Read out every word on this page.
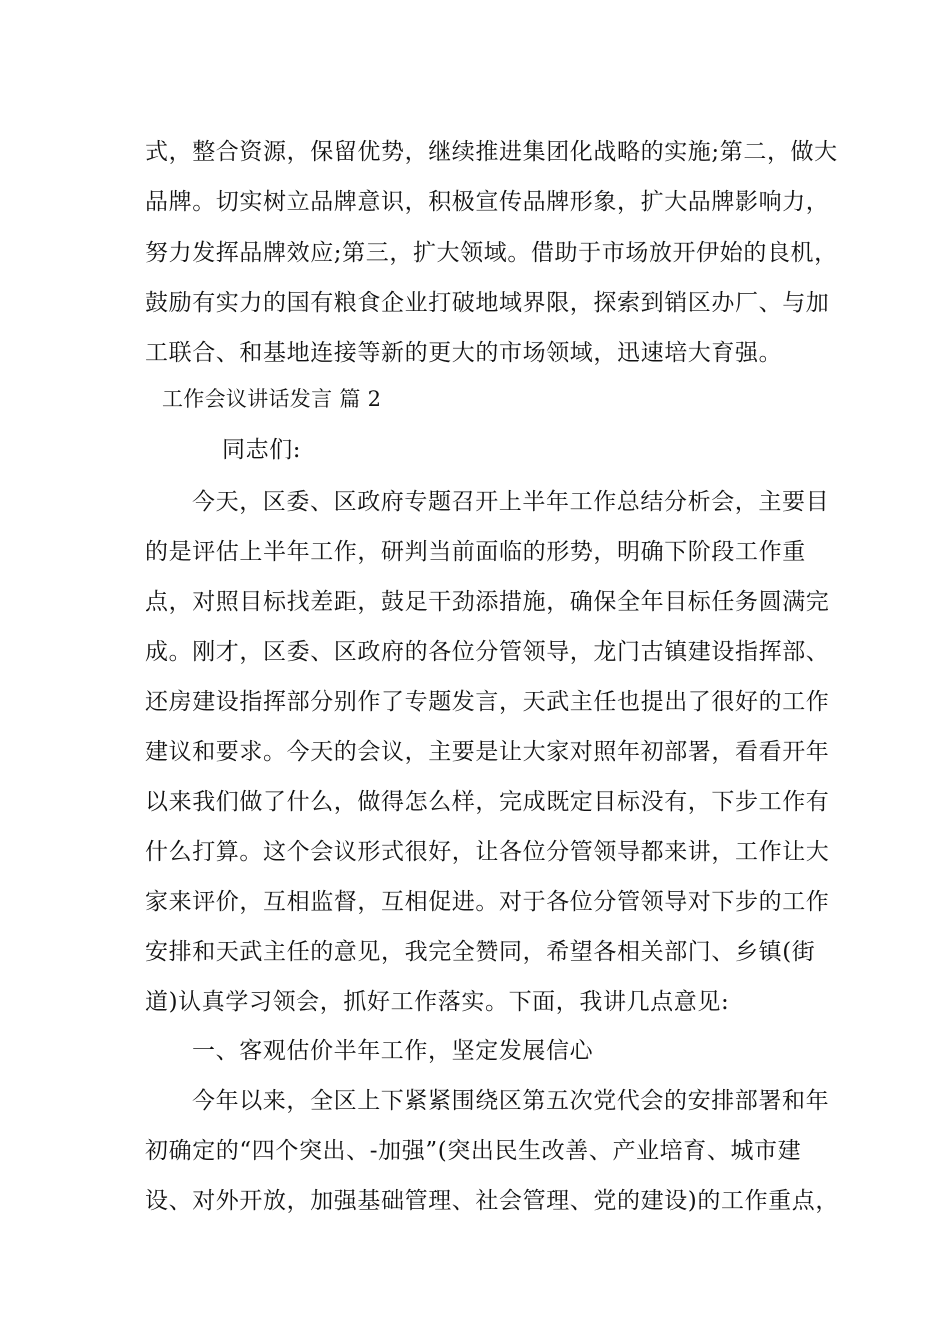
式，整合资源，保留优势，继续推进集团化战略的实施;第二，做大
品牌。切实树立品牌意识，积极宣传品牌形象，扩大品牌影响力，
努力发挥品牌效应;第三，扩大领域。借助于市场放开伊始的良机，
鼓励有实力的国有粮食企业打破地域界限，探索到销区办厂、与加
工联合、和基地连接等新的更大的市场领域，迅速培大育强。
工作会议讲话发言 篇 2
同志们:
今天，区委、区政府专题召开上半年工作总结分析会，主要目
的是评估上半年工作，研判当前面临的形势，明确下阶段工作重
点，对照目标找差距，鼓足干劲添措施，确保全年目标任务圆满完
成。刚才，区委、区政府的各位分管领导，龙门古镇建设指挥部、
还房建设指挥部分别作了专题发言，天武主任也提出了很好的工作
建议和要求。今天的会议，主要是让大家对照年初部署，看看开年
以来我们做了什么，做得怎么样，完成既定目标没有，下步工作有
什么打算。这个会议形式很好，让各位分管领导都来讲，工作让大
家来评价，互相监督，互相促进。对于各位分管领导对下步的工作
安排和天武主任的意见，我完全赞同，希望各相关部门、乡镇(街
道)认真学习领会，抓好工作落实。下面，我讲几点意见:
一、客观估价半年工作，坚定发展信心
今年以来，全区上下紧紧围绕区第五次党代会的安排部署和年
初确定的“四个突出、-加强”(突出民生改善、产业培育、城市建
设、对外开放，加强基础管理、社会管理、党的建设)的工作重点，
